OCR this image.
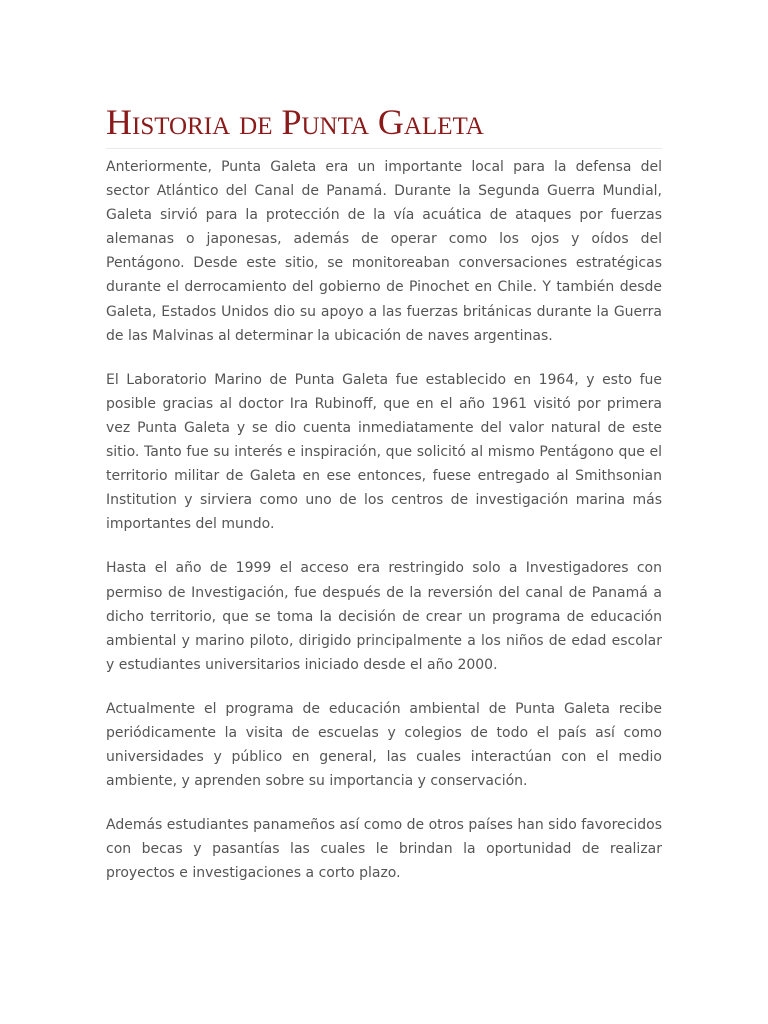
Historia de Punta Galeta

Anteriormente, Punta Galeta era un importante local para la defensa del sector Atlántico del Canal de Panamá. Durante la Segunda Guerra Mundial, Galeta sirvió para la protección de la vía acuática de ataques por fuerzas alemanas o japonesas, además de operar como los ojos y oídos del Pentágono. Desde este sitio, se monitoreaban conversaciones estratégicas durante el derrocamiento del gobierno de Pinochet en Chile. Y también desde Galeta, Estados Unidos dio su apoyo a las fuerzas británicas durante la Guerra de las Malvinas al determinar la ubicación de naves argentinas.

El Laboratorio Marino de Punta Galeta fue establecido en 1964, y esto fue posible gracias al doctor Ira Rubinoff, que en el año 1961 visitó por primera vez Punta Galeta y se dio cuenta inmediatamente del valor natural de este sitio. Tanto fue su interés e inspiración, que solicitó al mismo Pentágono que el territorio militar de Galeta en ese entonces, fuese entregado al Smithsonian Institution y sirviera como uno de los centros de investigación marina más importantes del mundo.

Hasta el año de 1999 el acceso era restringido solo a Investigadores con permiso de Investigación, fue después de la reversión del canal de Panamá a dicho territorio, que se toma la decisión de crear un programa de educación ambiental y marino piloto, dirigido principalmente a los niños de edad escolar y estudiantes universitarios iniciado desde el año 2000.

Actualmente el programa de educación ambiental de Punta Galeta recibe periódicamente la visita de escuelas y colegios de todo el país así como universidades y público en general, las cuales interactúan con el medio ambiente, y aprenden sobre su importancia y conservación.

Además estudiantes panameños así como de otros países han sido favorecidos con becas y pasantías las cuales le brindan la oportunidad de realizar proyectos e investigaciones a corto plazo.
